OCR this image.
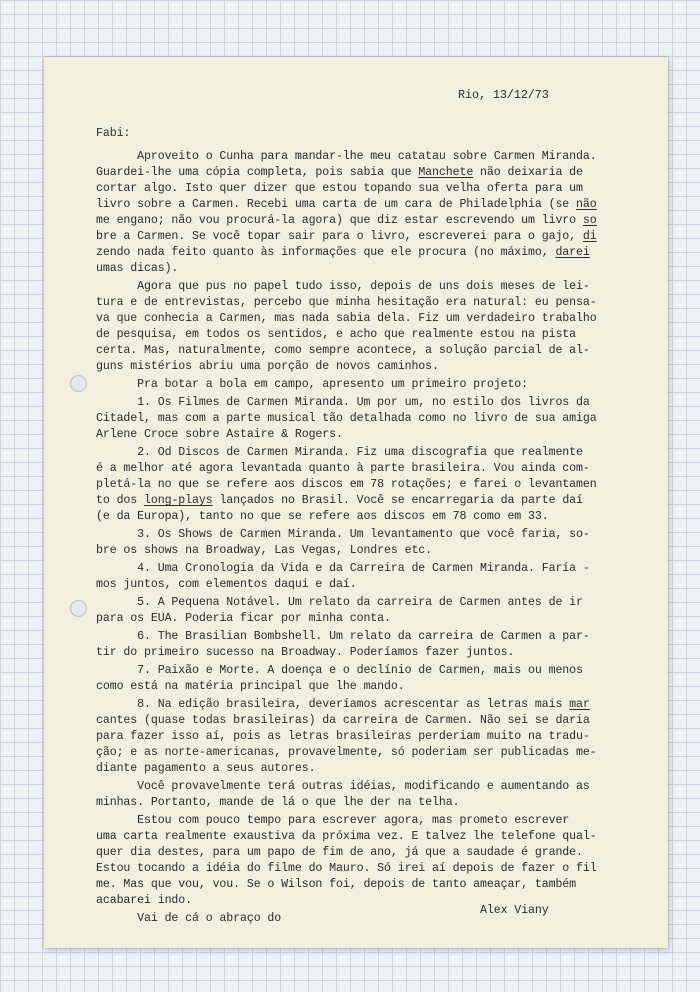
Rio, 13/12/73

Fabi:

Aproveito o Cunha para mandar-lhe meu catatau sobre Carmen Miranda.

Guardei-lhe uma cópia completa, pois sabia que Manchete não deixaria de

cortar algo. Isto quer dizer que estou topando sua velha oferta para um

livro sobre a Carmen. Recebi uma carta de um cara de Philadelphia (se não

me engano; não vou procurá-la agora) que diz estar escrevendo um livro so

bre a Carmen. Se você topar sair para o livro, escreverei para o gajo, di

zendo nada feito quanto às informações que ele procura (no máximo, darei

umas dicas).

Agora que pus no papel tudo isso, depois de uns dois meses de lei-

tura e de entrevistas, percebo que minha hesitação era natural: eu pensa-

va que conhecia a Carmen, mas nada sabia dela. Fiz um verdadeiro trabalho

de pesquisa, em todos os sentidos, e acho que realmente estou na pista

certa. Mas, naturalmente, como sempre acontece, a solução parcial de al-

guns mistérios abriu uma porção de novos caminhos.

Pra botar a bola em campo, apresento um primeiro projeto:

1. Os Filmes de Carmen Miranda. Um por um, no estilo dos livros da

Citadel, mas com a parte musical tão detalhada como no livro de sua amiga

Arlene Croce sobre Astaire & Rogers.

2. Od Discos de Carmen Miranda. Fiz uma discografia que realmente

é a melhor até agora levantada quanto à parte brasileira. Vou ainda com-

pletá-la no que se refere aos discos em 78 rotações; e farei o levantamen

to dos long-plays lançados no Brasil. Você se encarregaria da parte daí

(e da Europa), tanto no que se refere aos discos em 78 como em 33.

3. Os Shows de Carmen Miranda. Um levantamento que você faria, so-

bre os shows na Broadway, Las Vegas, Londres etc.

4. Uma Cronologia da Vida e da Carreira de Carmen Miranda. Faría -

mos juntos, com elementos daqui e daí.

5. A Pequena Notável. Um relato da carreira de Carmen antes de ir

para os EUA. Poderia ficar por minha conta.

6. The Brasilian Bombshell. Um relato da carreira de Carmen a par-

tir do primeiro sucesso na Broadway. Poderíamos fazer juntos.

7. Paixão e Morte. A doença e o declínio de Carmen, mais ou menos

como está na matéria principal que lhe mando.

8. Na edição brasileira, deveríamos acrescentar as letras mais mar

cantes (quase todas brasileiras) da carreira de Carmen. Não sei se daria

para fazer isso aí, pois as letras brasileiras perderiam muito na tradu-

ção; e as norte-americanas, provavelmente, só poderiam ser publicadas me-

diante pagamento a seus autores.

Você provavelmente terá outras idéias, modificando e aumentando as

minhas. Portanto, mande de lá o que lhe der na telha.

Estou com pouco tempo para escrever agora, mas prometo escrever

uma carta realmente exaustiva da próxima vez. E talvez lhe telefone qual-

quer dia destes, para um papo de fim de ano, já que a saudade é grande.

Estou tocando a idéia do filme do Mauro. Só irei aí depois de fazer o fil

me. Mas que vou, vou. Se o Wilson foi, depois de tanto ameaçar, também

acabarei indo.

Vai de cá o abraço do

Alex Viany
